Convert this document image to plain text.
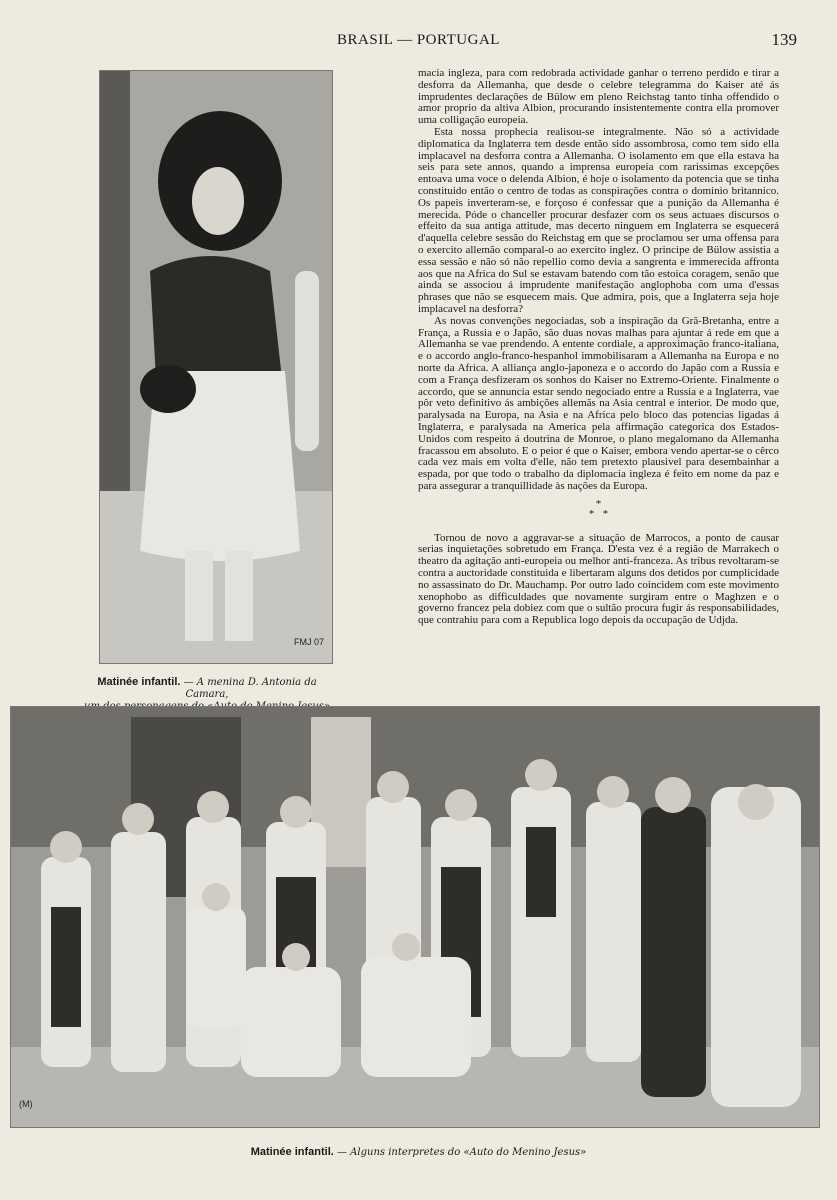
BRASIL — PORTUGAL	139
FMJ 07
Matinée infantil. — A menina D. Antonia da Camara,

macia ingleza, para com redobrada actividade ganhar o terreno perdido e tirar a desforra da Allemanha, que desde o celebre telegramma do Kaiser até ás imprudentes declarações de Bülow em pleno Reichstag tanto tinha offendido o amor proprio da altiva Albion, procurando insistentemente contra ella promover uma colligação europeia.

Esta nossa prophecia realisou-se integralmente. Não só a actividade diplomatica da Inglaterra tem desde então sido assombrosa, como tem sido ella implacavel na desforra contra a Allemanha. O isolamento em que ella estava ha seis para sete annos, quando a imprensa europeia com rarissimas excepções entoava uma voce o delenda Albion, é hoje o isolamento da potencia que se tinha constituido então o centro de todas as conspirações contra o dominio britannico. Os papeis inverteram-se, e forçoso é confessar que a punição da Allemanha é merecida. Póde o chanceller procurar desfazer com os seus actuaes discursos o effeito da sua antiga attitude, mas decerto ninguem em Inglaterra se esquecerá d'aquella celebre sessão do Reichstag em que se proclamou ser uma offensa para o exercito allemão comparal-o ao exercito inglez. O principe de Bülow assistia a essa sessão e não só não repellio como devia a sangrenta e immerecida affronta aos que na Africa do Sul se estavam batendo com tão estoica coragem, senão que ainda se associou á imprudente manifestação anglophoba com uma d'essas phrases que não se esquecem mais. Que admira, pois, que a Inglaterra seja hoje implacavel na desforra?

As novas convenções negociadas, sob a inspiração da Grã-Bretanha, entre a França, a Russia e o Japão, são duas novas malhas para ajuntar á rede em que a Allemanha se vae prendendo. A entente cordiale, a approximação franco-italiana, e o accordo anglo-franco-hespanhol immobilisaram a Allemanha na Europa e no norte da Africa. A alliança anglo-japoneza e o accordo do Japão com a Russia e com a França desfizeram os sonhos do Kaiser no Extremo-Oriente. Finalmente o accordo, que se annuncia estar sendo negociado entre a Russia e a Inglaterra, vae pôr veto definitivo ás ambições allemãs na Asia central e interior. De modo que, paralysada na Europa, na Asia e na Africa pelo bloco das potencias ligadas á Inglaterra, e paralysada na America pela affirmação categorica dos Estados-Unidos com respeito á doutrina de Monroe, o plano megalomano da Allemanha fracassou em absoluto. E o peior é que o Kaiser, embora vendo apertar-se o cêrco cada vez mais em volta d'elle, não tem pretexto plausivel para desembainhar a espada, por que todo o trabalho da diplomacia ingleza é feito em nome da paz e para assegurar a tranquillidade às nações da Europa.

*
*   *

Tornou de novo a aggravar-se a situação de Marrocos, a ponto de causar serias inquietações sobretudo em França. D'esta vez é a região de Marrakech o theatro da agitação anti-europeia ou melhor anti-franceza. As tribus revoltaram-se contra a auctoridade constituida e libertaram alguns dos detidos por cumplicidade no assassinato do Dr. Mauchamp. Por outro lado coincidem com este movimento xenophobo as difficuldades que novamente surgiram entre o Maghzen e o governo francez pela dobiez com que o sultão procura fugir ás responsabilidades, que contrahiu para com a Republica logo depois da occupação de Udjda.

(M)
Matinée infantil. — Alguns interpretes do «Auto do Menino Jesus»
